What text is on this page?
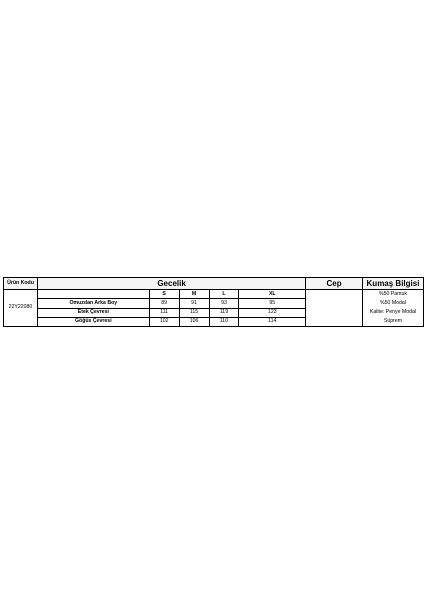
Ürün Kodu	Gecelik					Cep	Kumaş Bilgisi
22Y22080		S	M	L	XL		%50 Pamuk
%50 Modal
Kalite: Penye Modal
Süprem

	Omuzdan Arka Boy	89	91	93	95		
	Etek Çevresi	111	115	119	123		
	Göğüs Çevresi	102	106	110	114		
